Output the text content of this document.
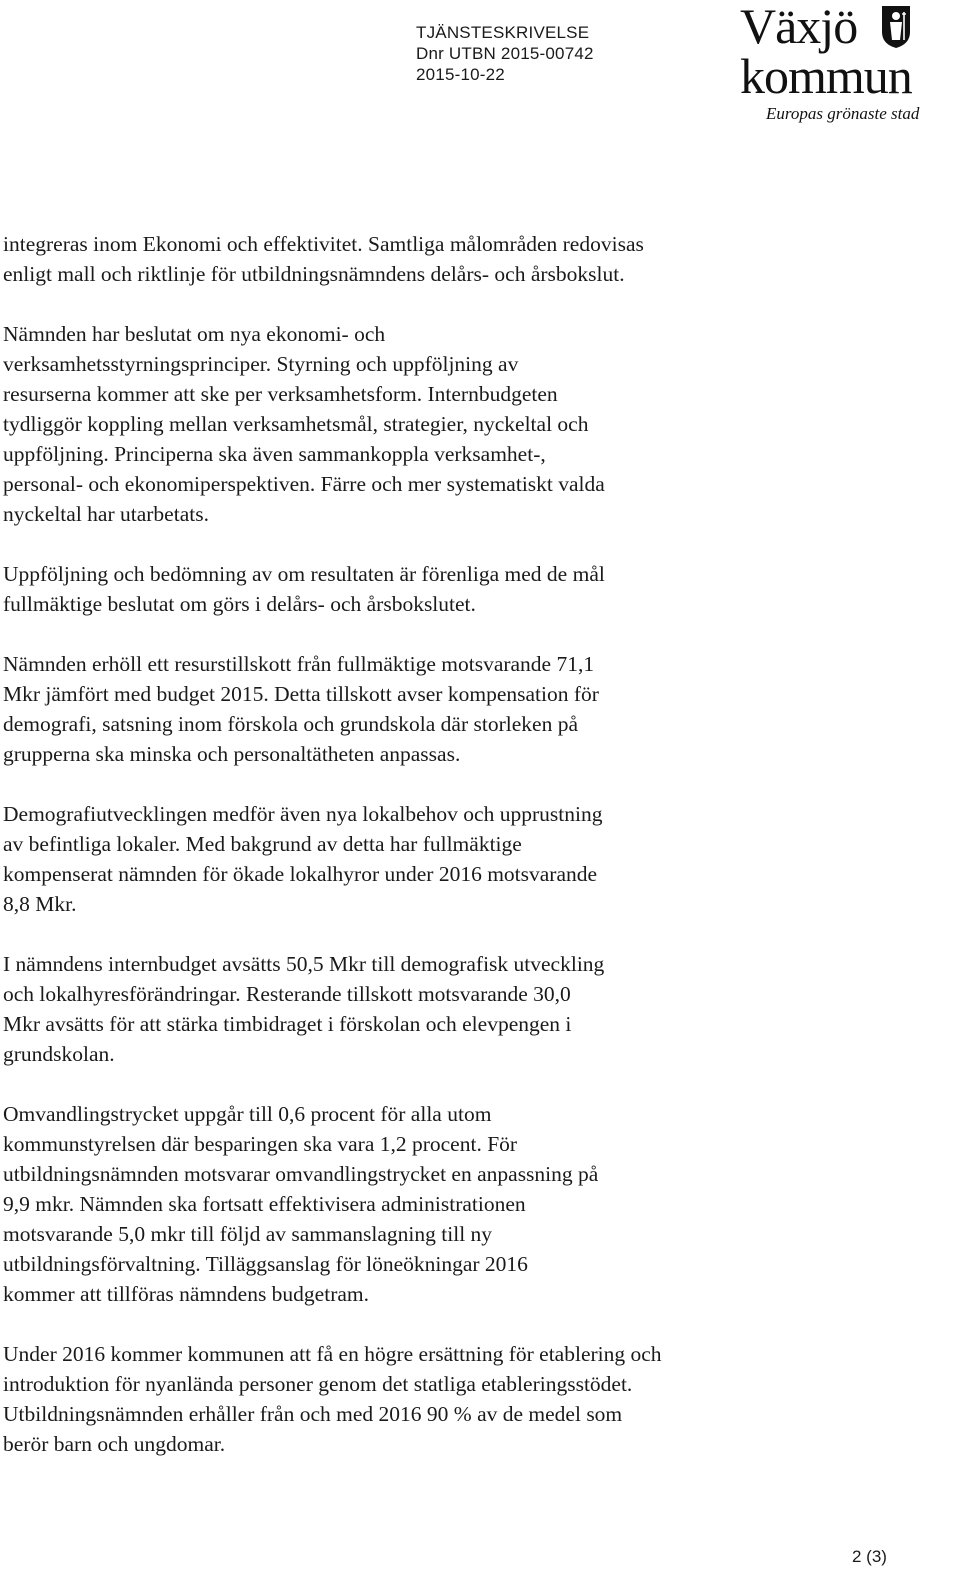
TJÄNSTESKRIVELSE
Dnr UTBN 2015-00742
2015-10-22
Växjö
kommun
Europas grönaste stad

integreras inom Ekonomi och effektivitet. Samtliga målområden redovisas
enligt mall och riktlinje för utbildningsnämndens delårs- och årsbokslut.

Nämnden har beslutat om nya ekonomi- och
verksamhetsstyrningsprinciper. Styrning och uppföljning av
resurserna kommer att ske per verksamhetsform. Internbudgeten
tydliggör koppling mellan verksamhetsmål, strategier, nyckeltal och
uppföljning. Principerna ska även sammankoppla verksamhet-,
personal- och ekonomiperspektiven. Färre och mer systematiskt valda
nyckeltal har utarbetats.

Uppföljning och bedömning av om resultaten är förenliga med de mål
fullmäktige beslutat om görs i delårs- och årsbokslutet.

Nämnden erhöll ett resurstillskott från fullmäktige motsvarande 71,1
Mkr jämfört med budget 2015. Detta tillskott avser kompensation för
demografi, satsning inom förskola och grundskola där storleken på
grupperna ska minska och personaltätheten anpassas.

Demografiutvecklingen medför även nya lokalbehov och upprustning
av befintliga lokaler. Med bakgrund av detta har fullmäktige
kompenserat nämnden för ökade lokalhyror under 2016 motsvarande
8,8 Mkr.

I nämndens internbudget avsätts 50,5 Mkr till demografisk utveckling
och lokalhyresförändringar. Resterande tillskott motsvarande 30,0
Mkr avsätts för att stärka timbidraget i förskolan och elevpengen i
grundskolan.

Omvandlingstrycket uppgår till 0,6 procent för alla utom
kommunstyrelsen där besparingen ska vara 1,2 procent. För
utbildningsnämnden motsvarar omvandlingstrycket en anpassning på
9,9 mkr. Nämnden ska fortsatt effektivisera administrationen
motsvarande 5,0 mkr till följd av sammanslagning till ny
utbildningsförvaltning. Tilläggsanslag för löneökningar 2016
kommer att tillföras nämndens budgetram.

Under 2016 kommer kommunen att få en högre ersättning för etablering och
introduktion för nyanlända personer genom det statliga etableringsstödet.
Utbildningsnämnden erhåller från och med 2016 90 % av de medel som
berör barn och ungdomar.

2 (3)
